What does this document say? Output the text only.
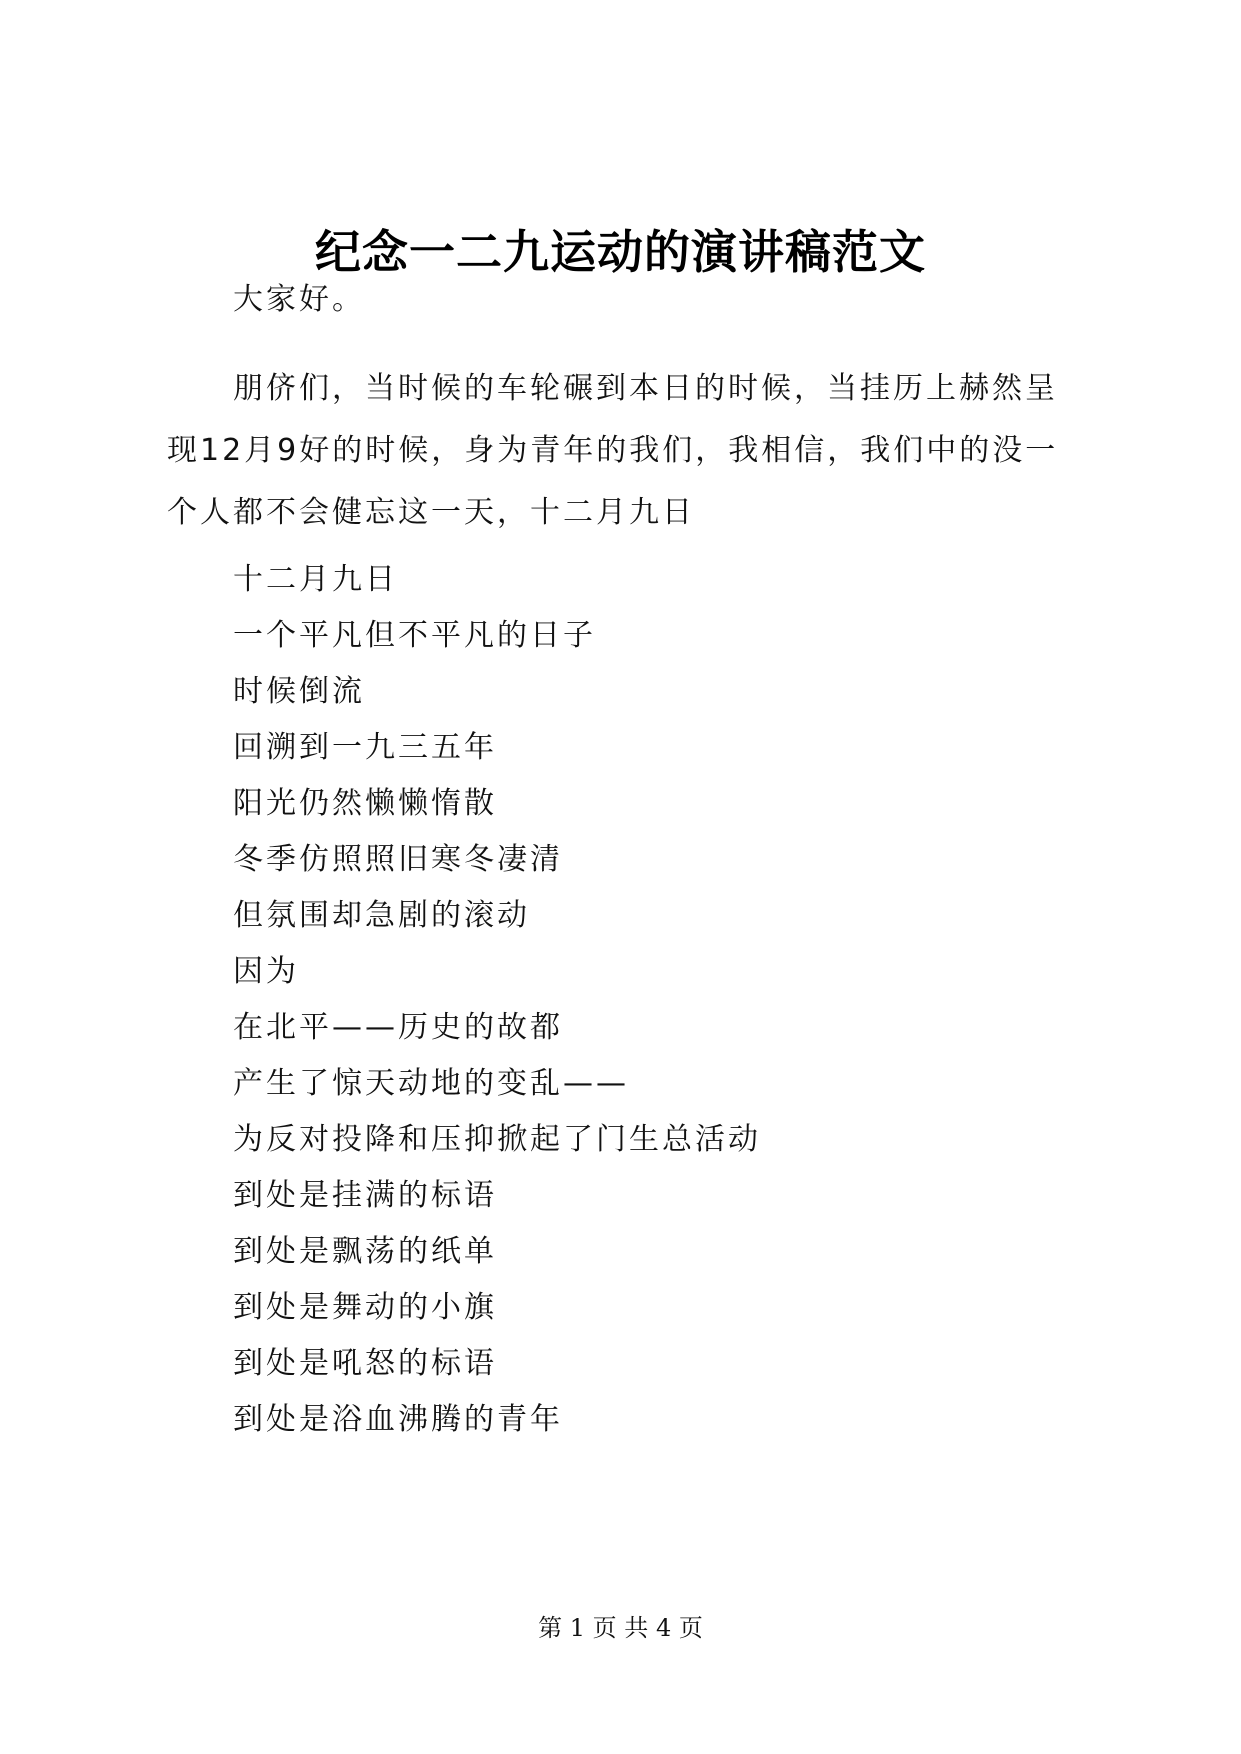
纪念一二九运动的演讲稿范文
大家好。
朋侪们，当时候的车轮碾到本日的时候，当挂历上赫然呈现12月9好的时候，身为青年的我们，我相信，我们中的没一个人都不会健忘这一天，十二月九日
十二月九日
一个平凡但不平凡的日子
时候倒流
回溯到一九三五年
阳光仍然懒懒惰散
冬季仿照照旧寒冬凄清
但氛围却急剧的滚动
因为
在北平——历史的故都
产生了惊天动地的变乱——
为反对投降和压抑掀起了门生总活动
到处是挂满的标语
到处是飘荡的纸单
到处是舞动的小旗
到处是吼怒的标语
到处是浴血沸腾的青年
第 1 页 共 4 页
